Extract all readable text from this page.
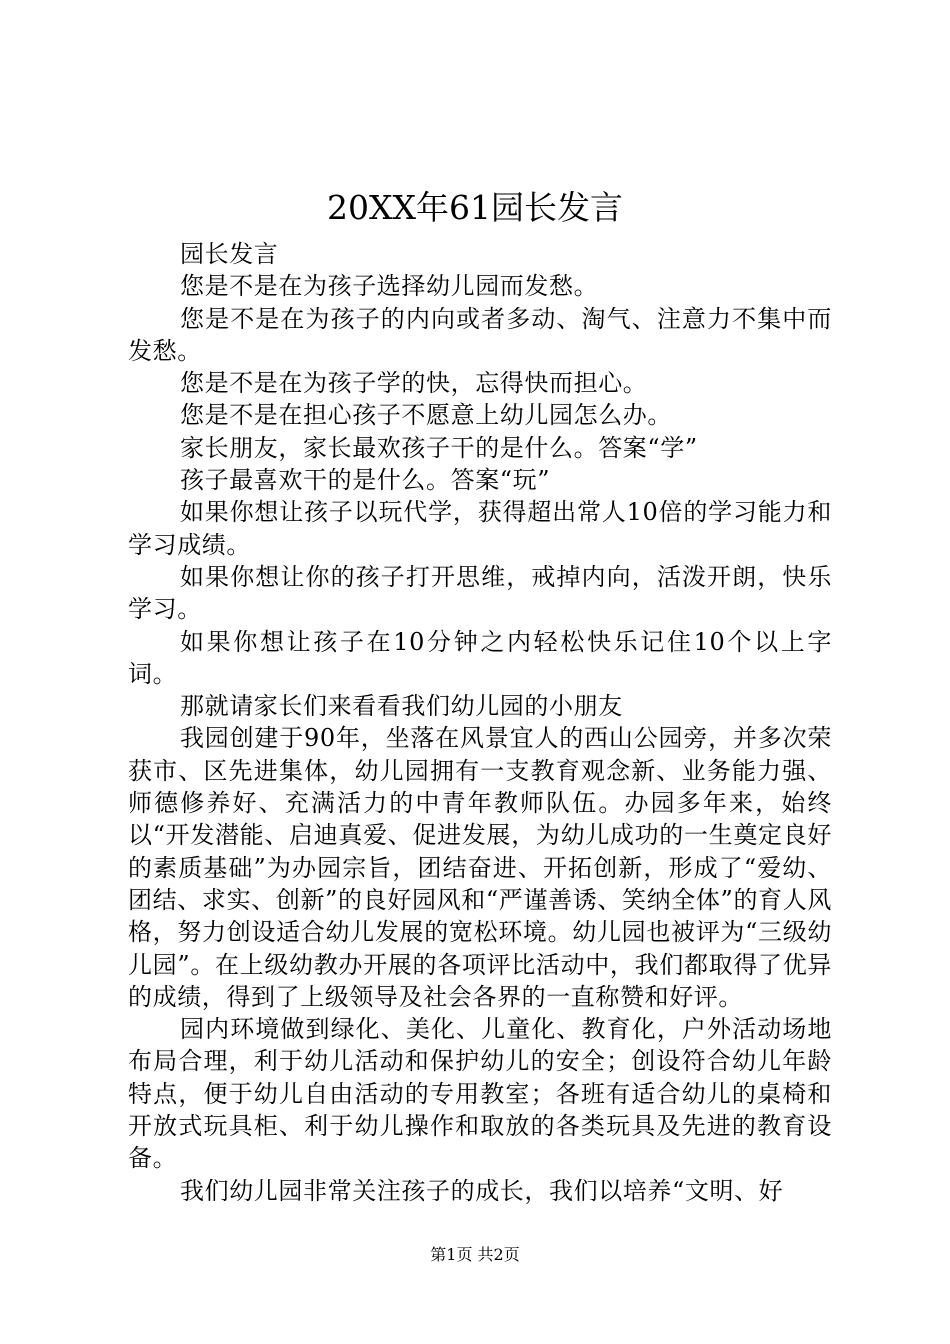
20XX年61园长发言

园长发言

您是不是在为孩子选择幼儿园而发愁。

您是不是在为孩子的内向或者多动、淘气、注意力不集中而发愁。

您是不是在为孩子学的快，忘得快而担心。

您是不是在担心孩子不愿意上幼儿园怎么办。

家长朋友，家长最欢孩子干的是什么。答案“学”

孩子最喜欢干的是什么。答案“玩”

如果你想让孩子以玩代学，获得超出常人10倍的学习能力和学习成绩。

如果你想让你的孩子打开思维，戒掉内向，活泼开朗，快乐学习。

如果你想让孩子在10分钟之内轻松快乐记住10个以上字词。

那就请家长们来看看我们幼儿园的小朋友

我园创建于90年，坐落在风景宜人的西山公园旁，并多次荣获市、区先进集体，幼儿园拥有一支教育观念新、业务能力强、师德修养好、充满活力的中青年教师队伍。办园多年来，始终以“开发潜能、启迪真爱、促进发展，为幼儿成功的一生奠定良好的素质基础”为办园宗旨，团结奋进、开拓创新，形成了“爱幼、团结、求实、创新”的良好园风和“严谨善诱、笑纳全体”的育人风格，努力创设适合幼儿发展的宽松环境。幼儿园也被评为“三级幼儿园”。在上级幼教办开展的各项评比活动中，我们都取得了优异的成绩，得到了上级领导及社会各界的一直称赞和好评。

园内环境做到绿化、美化、儿童化、教育化，户外活动场地布局合理，利于幼儿活动和保护幼儿的安全；创设符合幼儿年龄特点，便于幼儿自由活动的专用教室；各班有适合幼儿的桌椅和开放式玩具柜、利于幼儿操作和取放的各类玩具及先进的教育设备。

我们幼儿园非常关注孩子的成长，我们以培养“文明、好

第1页 共2页
